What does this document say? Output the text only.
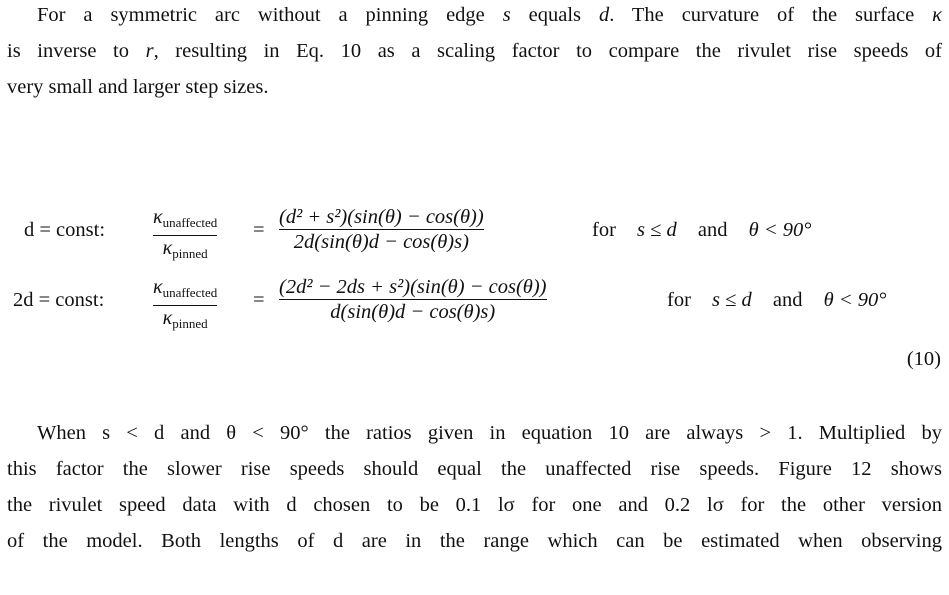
For a symmetric arc without a pinning edge s equals d. The curvature of the surface κ
is inverse to r, resulting in Eq. 10 as a scaling factor to compare the rivulet rise speeds of
very small and larger step sizes.
d = const:
$\kappa_{unaffected}$
$\kappa_{pinned}$
=
(d² + s²)(sin(θ) − cos(θ))
2d(sin(θ)d − cos(θ)s)
for s ≤ d and θ < 90°
2d = const:
$\kappa_{unaffected}$
$\kappa_{pinned}$
=
(2d² − 2ds + s²)(sin(θ) − cos(θ))
d(sin(θ)d − cos(θ)s)
for s ≤ d and θ < 90°
(10)
When s < d and θ < 90° the ratios given in equation 10 are always > 1. Multiplied by
this factor the slower rise speeds should equal the unaffected rise speeds. Figure 12 shows
the rivulet speed data with d chosen to be 0.1 lσ for one and 0.2 lσ for the other version
of the model. Both lengths of d are in the range which can be estimated when observing
